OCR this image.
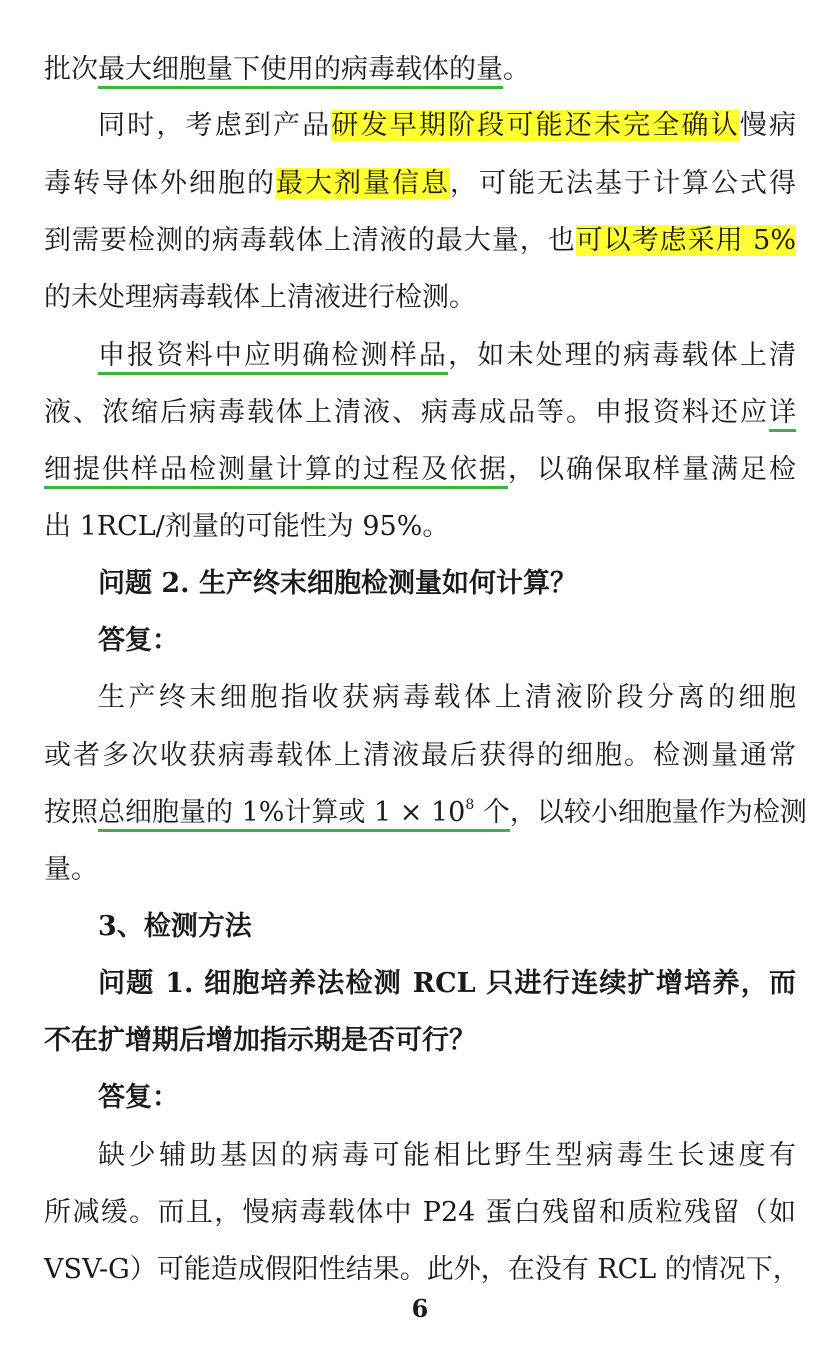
批次最大细胞量下使用的病毒载体的量。
同时，考虑到产品研发早期阶段可能还未完全确认慢病
毒转导体外细胞的最大剂量信息，可能无法基于计算公式得
到需要检测的病毒载体上清液的最大量，也可以考虑采用 5%
的未处理病毒载体上清液进行检测。
申报资料中应明确检测样品，如未处理的病毒载体上清
液、浓缩后病毒载体上清液、病毒成品等。申报资料还应详
细提供样品检测量计算的过程及依据，以确保取样量满足检
出 1RCL/剂量的可能性为 95%。
问题 2. 生产终末细胞检测量如何计算？
答复：
生产终末细胞指收获病毒载体上清液阶段分离的细胞
或者多次收获病毒载体上清液最后获得的细胞。检测量通常
按照总细胞量的 1%计算或 $1 \times 10^8$ 个，以较小细胞量作为检测
量。
3、检测方法
问题 1. 细胞培养法检测 RCL 只进行连续扩增培养，而
不在扩增期后增加指示期是否可行？
答复：
缺少辅助基因的病毒可能相比野生型病毒生长速度有
所减缓。而且，慢病毒载体中 P24 蛋白残留和质粒残留（如
VSV-G）可能造成假阳性结果。此外，在没有 RCL 的情况下，
6
